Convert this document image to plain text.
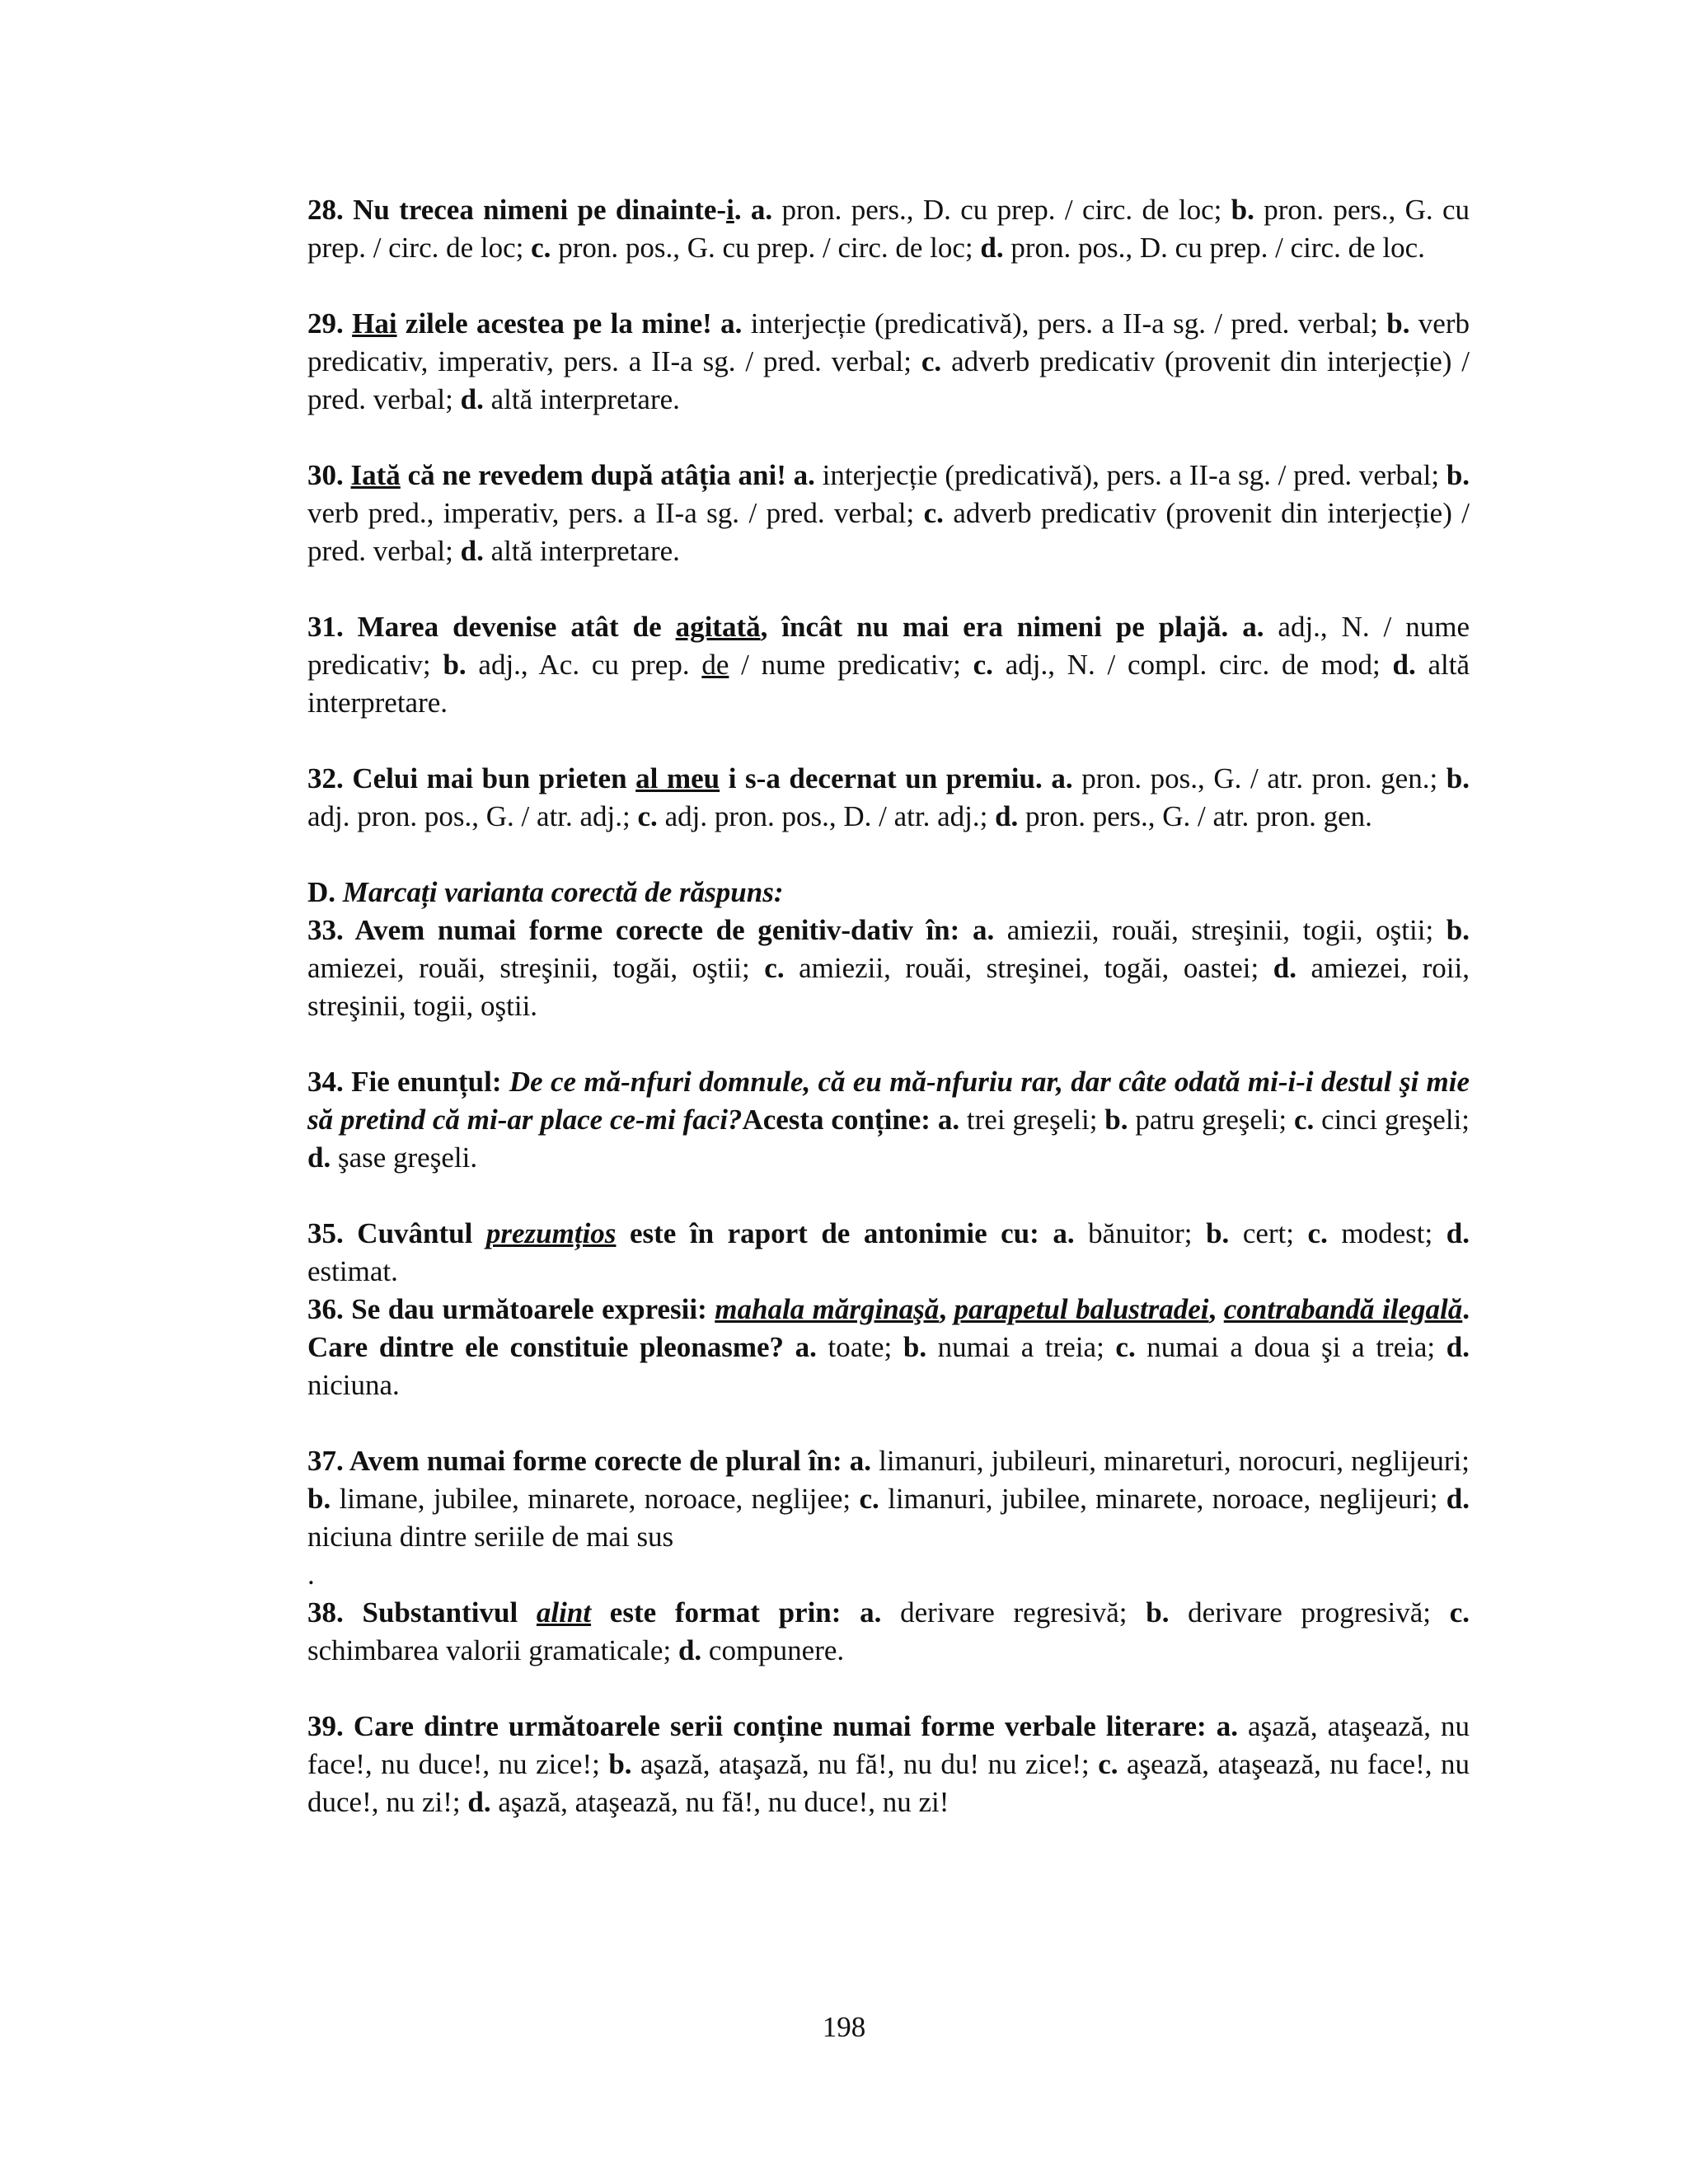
28. Nu trecea nimeni pe dinainte-i. a. pron. pers., D. cu prep. / circ. de loc; b. pron. pers., G. cu prep. / circ. de loc; c. pron. pos., G. cu prep. / circ. de loc; d. pron. pos., D. cu prep. / circ. de loc.

29. Hai zilele acestea pe la mine! a. interjecție (predicativă), pers. a II-a sg. / pred. verbal; b. verb predicativ, imperativ, pers. a II-a sg. / pred. verbal; c. adverb predicativ (provenit din interjecție) / pred. verbal; d. altă interpretare.

30. Iată că ne revedem după atâția ani! a. interjecție (predicativă), pers. a II-a sg. / pred. verbal; b. verb pred., imperativ, pers. a II-a sg. / pred. verbal; c. adverb predicativ (provenit din interjecție) / pred. verbal; d. altă interpretare.

31. Marea devenise atât de agitată, încât nu mai era nimeni pe plajă. a. adj., N. / nume predicativ; b. adj., Ac. cu prep. de / nume predicativ; c. adj., N. / compl. circ. de mod; d. altă interpretare.

32. Celui mai bun prieten al meu i s-a decernat un premiu. a. pron. pos., G. / atr. pron. gen.; b. adj. pron. pos., G. / atr. adj.; c. adj. pron. pos., D. / atr. adj.; d. pron. pers., G. / atr. pron. gen.

D. Marcați varianta corectă de răspuns:

33. Avem numai forme corecte de genitiv-dativ în: a. amiezii, rouăi, streşinii, togii, oştii; b. amiezei, rouăi, streşinii, togăi, oştii; c. amiezii, rouăi, streşinei, togăi, oastei; d. amiezei, roii, streşinii, togii, oştii.

34. Fie enunțul: De ce mă-nfuri domnule, că eu mă-nfuriu rar, dar câte odată mi-i-i destul şi mie să pretind că mi-ar place ce-mi faci?Acesta conține: a. trei greşeli; b. patru greşeli; c. cinci greşeli; d. şase greşeli.

35. Cuvântul prezumțios este în raport de antonimie cu: a. bănuitor; b. cert; c. modest; d. estimat.

36. Se dau următoarele expresii: mahala mărginaşă, parapetul balustradei, contrabandă ilegală. Care dintre ele constituie pleonasme? a. toate; b. numai a treia; c. numai a doua şi a treia; d. niciuna.

37. Avem numai forme corecte de plural în: a. limanuri, jubileuri, minareturi, norocuri, neglijeuri; b. limane, jubilee, minarete, noroace, neglijee; c. limanuri, jubilee, minarete, noroace, neglijeuri; d. niciuna dintre seriile de mai sus

.

38. Substantivul alint este format prin: a. derivare regresivă; b. derivare progresivă; c. schimbarea valorii gramaticale; d. compunere.

39. Care dintre următoarele serii conține numai forme verbale literare: a. aşază, ataşează, nu face!, nu duce!, nu zice!; b. aşază, ataşază, nu fă!, nu du! nu zice!; c. aşează, ataşează, nu face!, nu duce!, nu zi!; d. aşază, ataşează, nu fă!, nu duce!, nu zi!

198
